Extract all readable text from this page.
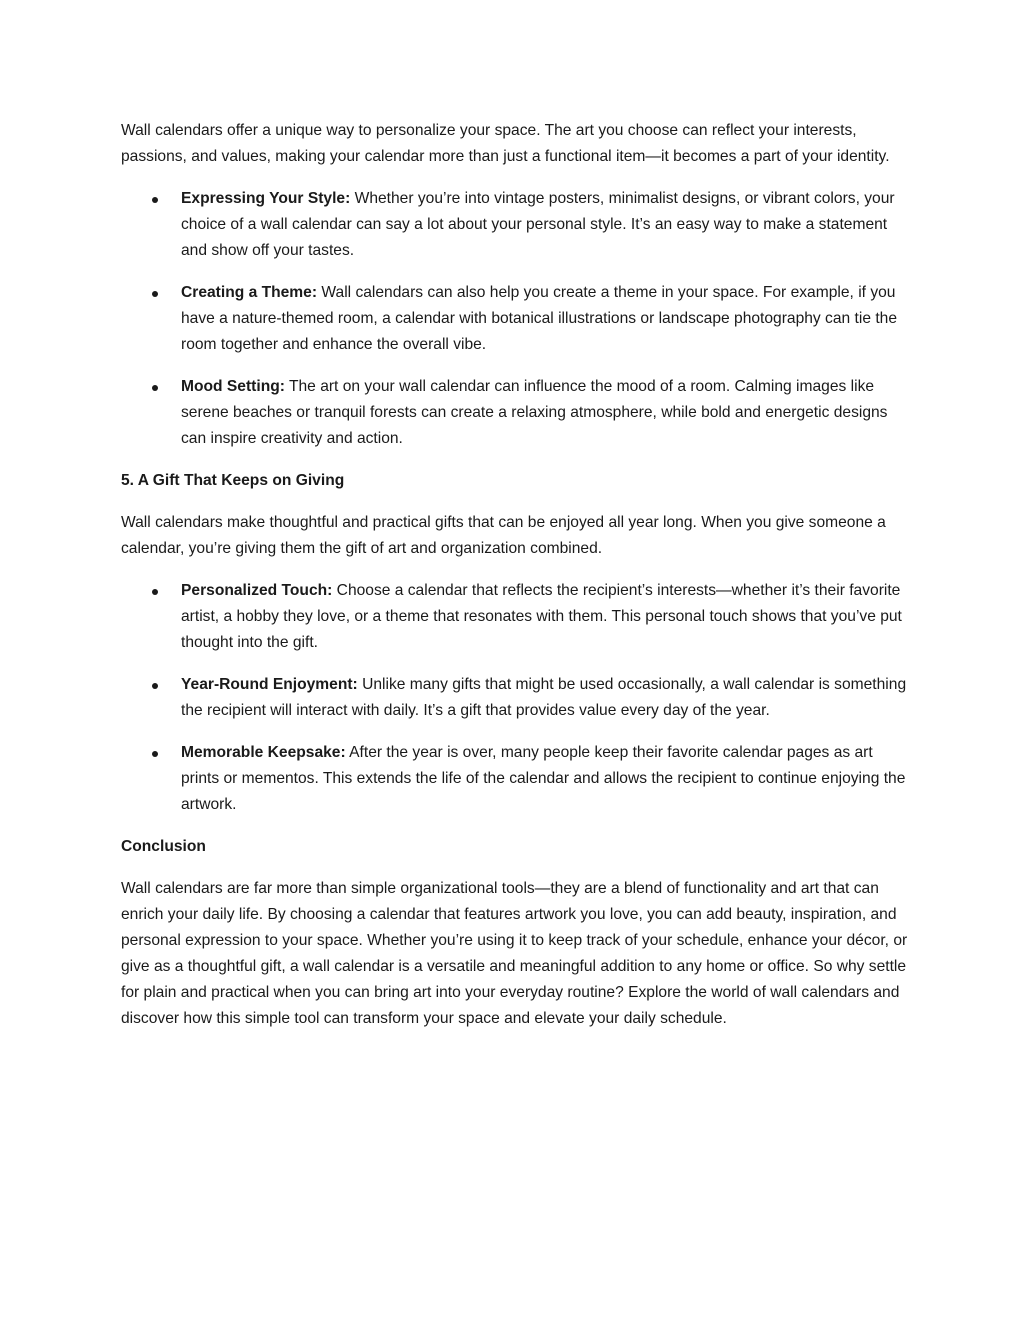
Wall calendars offer a unique way to personalize your space. The art you choose can reflect your interests, passions, and values, making your calendar more than just a functional item—it becomes a part of your identity.

Expressing Your Style: Whether you’re into vintage posters, minimalist designs, or vibrant colors, your choice of a wall calendar can say a lot about your personal style. It’s an easy way to make a statement and show off your tastes.
Creating a Theme: Wall calendars can also help you create a theme in your space. For example, if you have a nature-themed room, a calendar with botanical illustrations or landscape photography can tie the room together and enhance the overall vibe.
Mood Setting: The art on your wall calendar can influence the mood of a room. Calming images like serene beaches or tranquil forests can create a relaxing atmosphere, while bold and energetic designs can inspire creativity and action.
5. A Gift That Keeps on Giving

Wall calendars make thoughtful and practical gifts that can be enjoyed all year long. When you give someone a calendar, you’re giving them the gift of art and organization combined.

Personalized Touch: Choose a calendar that reflects the recipient’s interests—whether it’s their favorite artist, a hobby they love, or a theme that resonates with them. This personal touch shows that you’ve put thought into the gift.
Year-Round Enjoyment: Unlike many gifts that might be used occasionally, a wall calendar is something the recipient will interact with daily. It’s a gift that provides value every day of the year.
Memorable Keepsake: After the year is over, many people keep their favorite calendar pages as art prints or mementos. This extends the life of the calendar and allows the recipient to continue enjoying the artwork.
Conclusion

Wall calendars are far more than simple organizational tools—they are a blend of functionality and art that can enrich your daily life. By choosing a calendar that features artwork you love, you can add beauty, inspiration, and personal expression to your space. Whether you’re using it to keep track of your schedule, enhance your décor, or give as a thoughtful gift, a wall calendar is a versatile and meaningful addition to any home or office. So why settle for plain and practical when you can bring art into your everyday routine? Explore the world of wall calendars and discover how this simple tool can transform your space and elevate your daily schedule.
